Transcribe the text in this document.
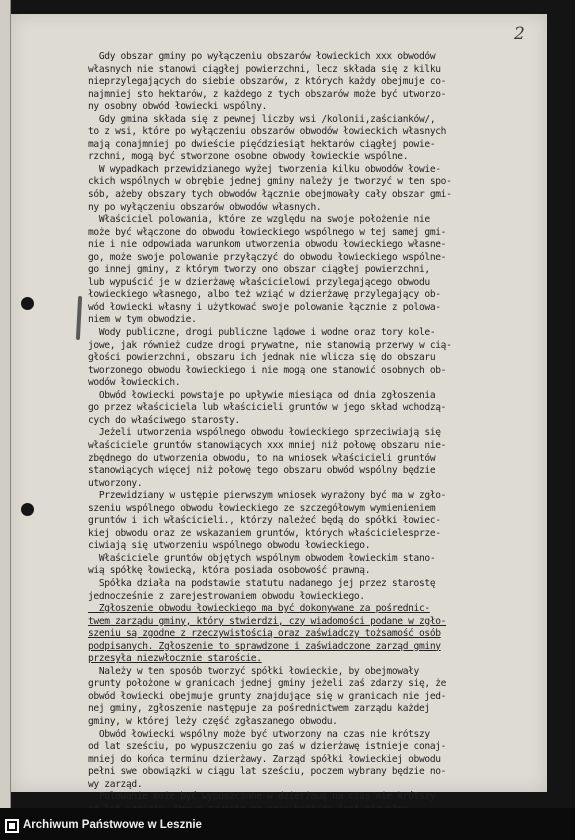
2
Gdy obszar gminy po wyłączeniu obszarów łowieckich xxx obwodów
własnych nie stanowi ciągłej powierzchni, lecz składa się z kilku
nieprzylegających do siebie obszarów, z których każdy obejmuje co-
najmniej sto hektarów, z każdego z tych obszarów może być utworzo-
ny osobny obwód łowiecki wspólny.
Gdy gmina składa się z pewnej liczby wsi /kolonii,zaścianków/,
to z wsi, które po wyłączeniu obszarów obwodów łowieckich własnych
mają conajmniej po dwieście pięćdziesiąt hektarów ciągłej powie-
rzchni, mogą być stworzone osobne obwody łowieckie wspólne.
W wypadkach przewidzianego wyżej tworzenia kilku obwodów łowie-
ckich wspólnych w obrębie jednej gminy należy je tworzyć w ten spo-
sób, ażeby obszary tych obwodów łącznie obejmowały cały obszar gmi-
ny po wyłączeniu obszarów obwodów własnych.
Właściciel polowania, które ze względu na swoje położenie nie
może być włączone do obwodu łowieckiego wspólnego w tej samej gmi-
nie i nie odpowiada warunkom utworzenia obwodu łowieckiego własne-
go, może swoje polowanie przyłączyć do obwodu łowieckiego wspólne-
go innej gminy, z którym tworzy ono obszar ciągłej powierzchni,
lub wypuścić je w dzierżawę właścicielowi przylegającego obwodu
łowieckiego własnego, albo też wziąć w dzierżawę przylegający ob-
wód łowiecki własny i użytkować swoje polowanie łącznie z polowa-
niem w tym obwodzie.
Wody publiczne, drogi publiczne lądowe i wodne oraz tory kole-
jowe, jak również cudze drogi prywatne, nie stanowią przerwy w cią-
głości powierzchni, obszaru ich jednak nie wlicza się do obszaru
tworzonego obwodu łowieckiego i nie mogą one stanowić osobnych ob-
wodów łowieckich.
Obwód łowiecki powstaje po upływie miesiąca od dnia zgłoszenia
go przez właściciela lub właścicieli gruntów w jego skład wchodzą-
cych do właściwego starosty.
Jeżeli utworzenia wspólnego obwodu łowieckiego sprzeciwiają się
właściciele gruntów stanowiących xxx mniej niż połowę obszaru nie-
zbędnego do utworzenia obwodu, to na wniosek właścicieli gruntów
stanowiących więcej niż połowę tego obszaru obwód wspólny będzie
utworzony.
Przewidziany w ustępie pierwszym wniosek wyrażony być ma w zgło-
szeniu wspólnego obwodu łowieckiego ze szczegółowym wymienieniem
gruntów i ich właścicieli., którzy należeć będą do spółki łowiec-
kiej obwodu oraz ze wskazaniem gruntów, których właścicielesprze-
ciwiają się utworzeniu wspólnego obwodu łowieckiego.
Właściciele gruntów objętych wspólnym obwodem łowieckim stano-
wią spółkę łowiecką, która posiada osobowość prawną.
Spółka działa na podstawie statutu nadanego jej przez starostę
jednocześnie z zarejestrowaniem obwodu łowieckiego.
Zgłoszenie obwodu łowieckiego ma być dokonywane za pośrednic-
twem zarządu gminy, który stwierdzi, czy wiadomości podane w zgło-
szeniu są zgodne z rzeczywistością oraz zaświadczy tożsamość osób
podpisanych. Zgłoszenie to sprawdzone i zaświadczone zarząd gminy
przesyła niezwłocznie staroście.
Należy w ten sposób tworzyć spółki łowieckie, by obejmowały
grunty położone w granicach jednej gminy jeżeli zaś zdarzy się, że
obwód łowiecki obejmuje grunty znajdujące się w granicach nie jed-
nej gminy, zgłoszenie następuje za pośrednictwem zarządu każdej
gminy, w której leży część zgłaszanego obwodu.
Obwód łowiecki wspólny może być utworzony na czas nie krótszy
od lat sześciu, po wypuszczeniu go zaś w dzierżawę istnieje conaj-
mniej do końca terminu dzierżawy. Zarząd spółki łowieckiej obwodu
pełni swe obowiązki w ciągu lat sześciu, poczem wybrany będzie no-
wy zarząd.
Polowanie może być wypuszczone w dzierżawę na czas nie krótszy
Archiwum Państwowe w Lesznie
